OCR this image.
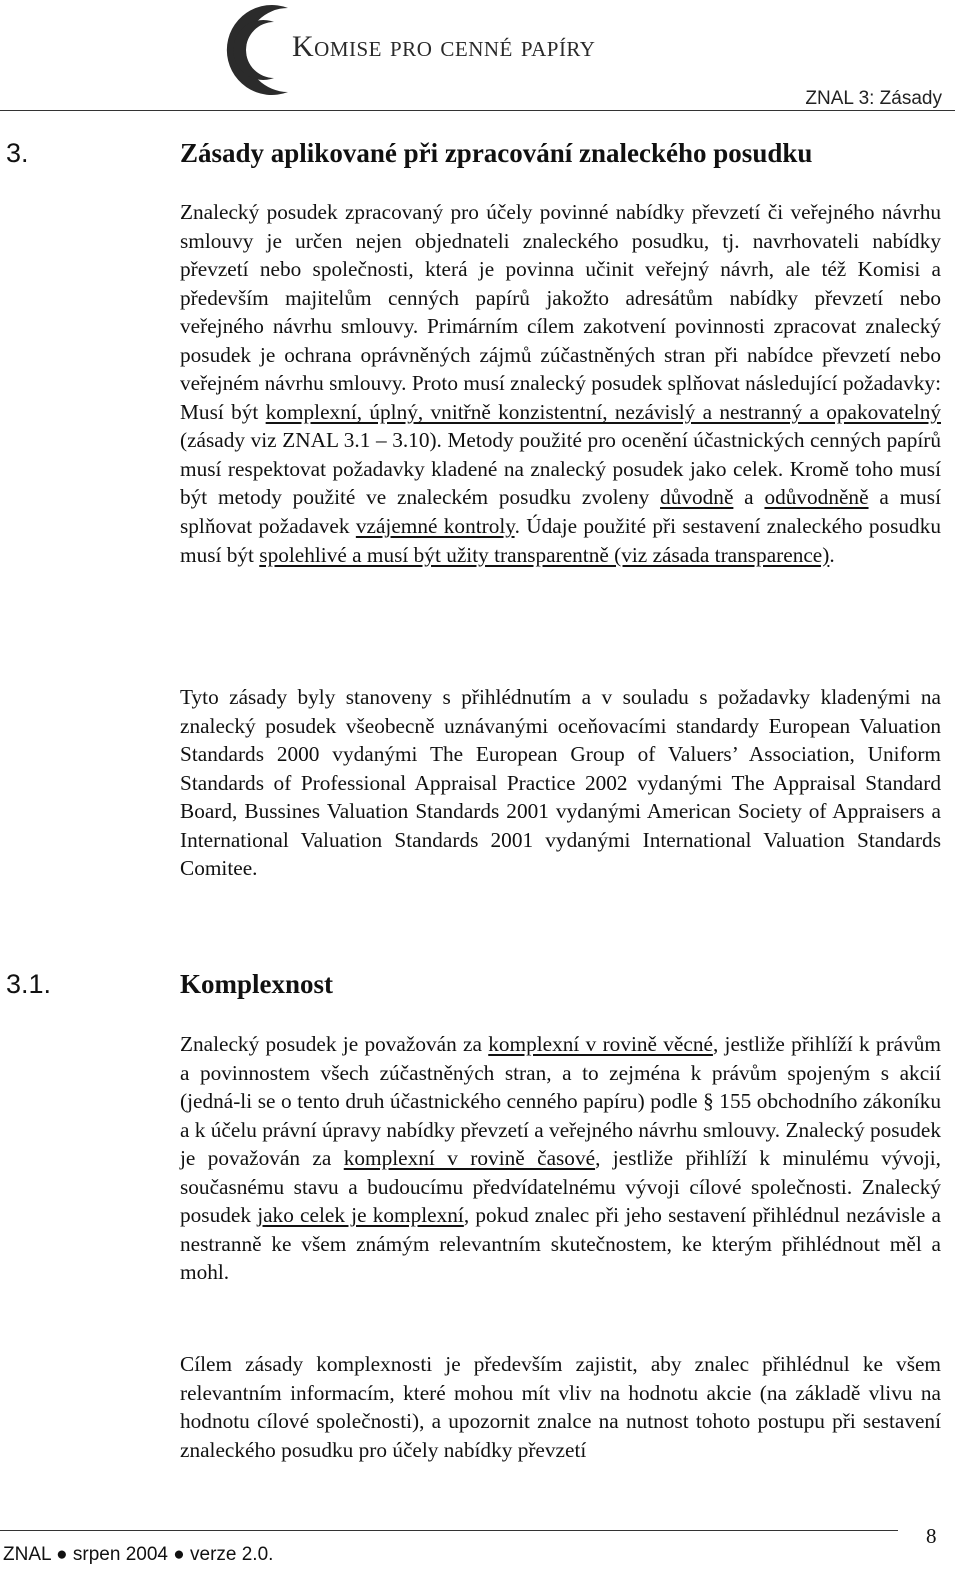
Komise pro cenné papíry
ZNAL 3: Zásady
3.	Zásady aplikované při zpracování znaleckého posudku

Znalecký posudek zpracovaný pro účely povinné nabídky převzetí či veřejného návrhu smlouvy je určen nejen objednateli znaleckého posudku, tj. navrhovateli nabídky převzetí nebo společnosti, která je povinna učinit veřejný návrh, ale též Komisi a především majitelům cenných papírů jakožto adresátům nabídky převzetí nebo veřejného návrhu smlouvy. Primárním cílem zakotvení povinnosti zpracovat znalecký posudek je ochrana oprávněných zájmů zúčastněných stran při nabídce převzetí nebo veřejném návrhu smlouvy. Proto musí znalecký posudek splňovat následující požadavky: Musí být komplexní, úplný, vnitřně konzistentní, nezávislý a nestranný a opakovatelný (zásady viz ZNAL 3.1 – 3.10). Metody použité pro ocenění účastnických cenných papírů musí respektovat požadavky kladené na znalecký posudek jako celek. Kromě toho musí být metody použité ve znaleckém posudku zvoleny důvodně a odůvodněně a musí splňovat požadavek vzájemné kontroly. Údaje použité při sestavení znaleckého posudku musí být spolehlivé a musí být užity transparentně (viz zásada transparence).

Tyto zásady byly stanoveny s přihlédnutím a v souladu s požadavky kladenými na znalecký posudek všeobecně uznávanými oceňovacími standardy European Valuation Standards 2000 vydanými The European Group of Valuers’ Association, Uniform Standards of Professional Appraisal Practice 2002 vydanými The Appraisal Standard Board, Bussines Valuation Standards 2001 vydanými American Society of Appraisers a International Valuation Standards 2001 vydanými International Valuation Standards Comitee.

3.1.	Komplexnost

Znalecký posudek je považován za komplexní v rovině věcné, jestliže přihlíží k právům a povinnostem všech zúčastněných stran, a to zejména k právům spojeným s akcií (jedná-li se o tento druh účastnického cenného papíru) podle § 155 obchodního zákoníku a k účelu právní úpravy nabídky převzetí a veřejného návrhu smlouvy. Znalecký posudek je považován za komplexní v rovině časové, jestliže přihlíží k minulému vývoji, současnému stavu a budoucímu předvídatelnému vývoji cílové společnosti. Znalecký posudek jako celek je komplexní, pokud znalec při jeho sestavení přihlédnul nezávisle a nestranně ke všem známým relevantním skutečnostem, ke kterým přihlédnout měl a mohl.

Cílem zásady komplexnosti je především zajistit, aby znalec přihlédnul ke všem relevantním informacím, které mohou mít vliv na hodnotu akcie (na základě vlivu na hodnotu cílové společnosti), a upozornit znalce na nutnost tohoto postupu při sestavení znaleckého posudku pro účely nabídky převzetí

ZNAL ● srpen 2004 ● verze 2.0.
8
